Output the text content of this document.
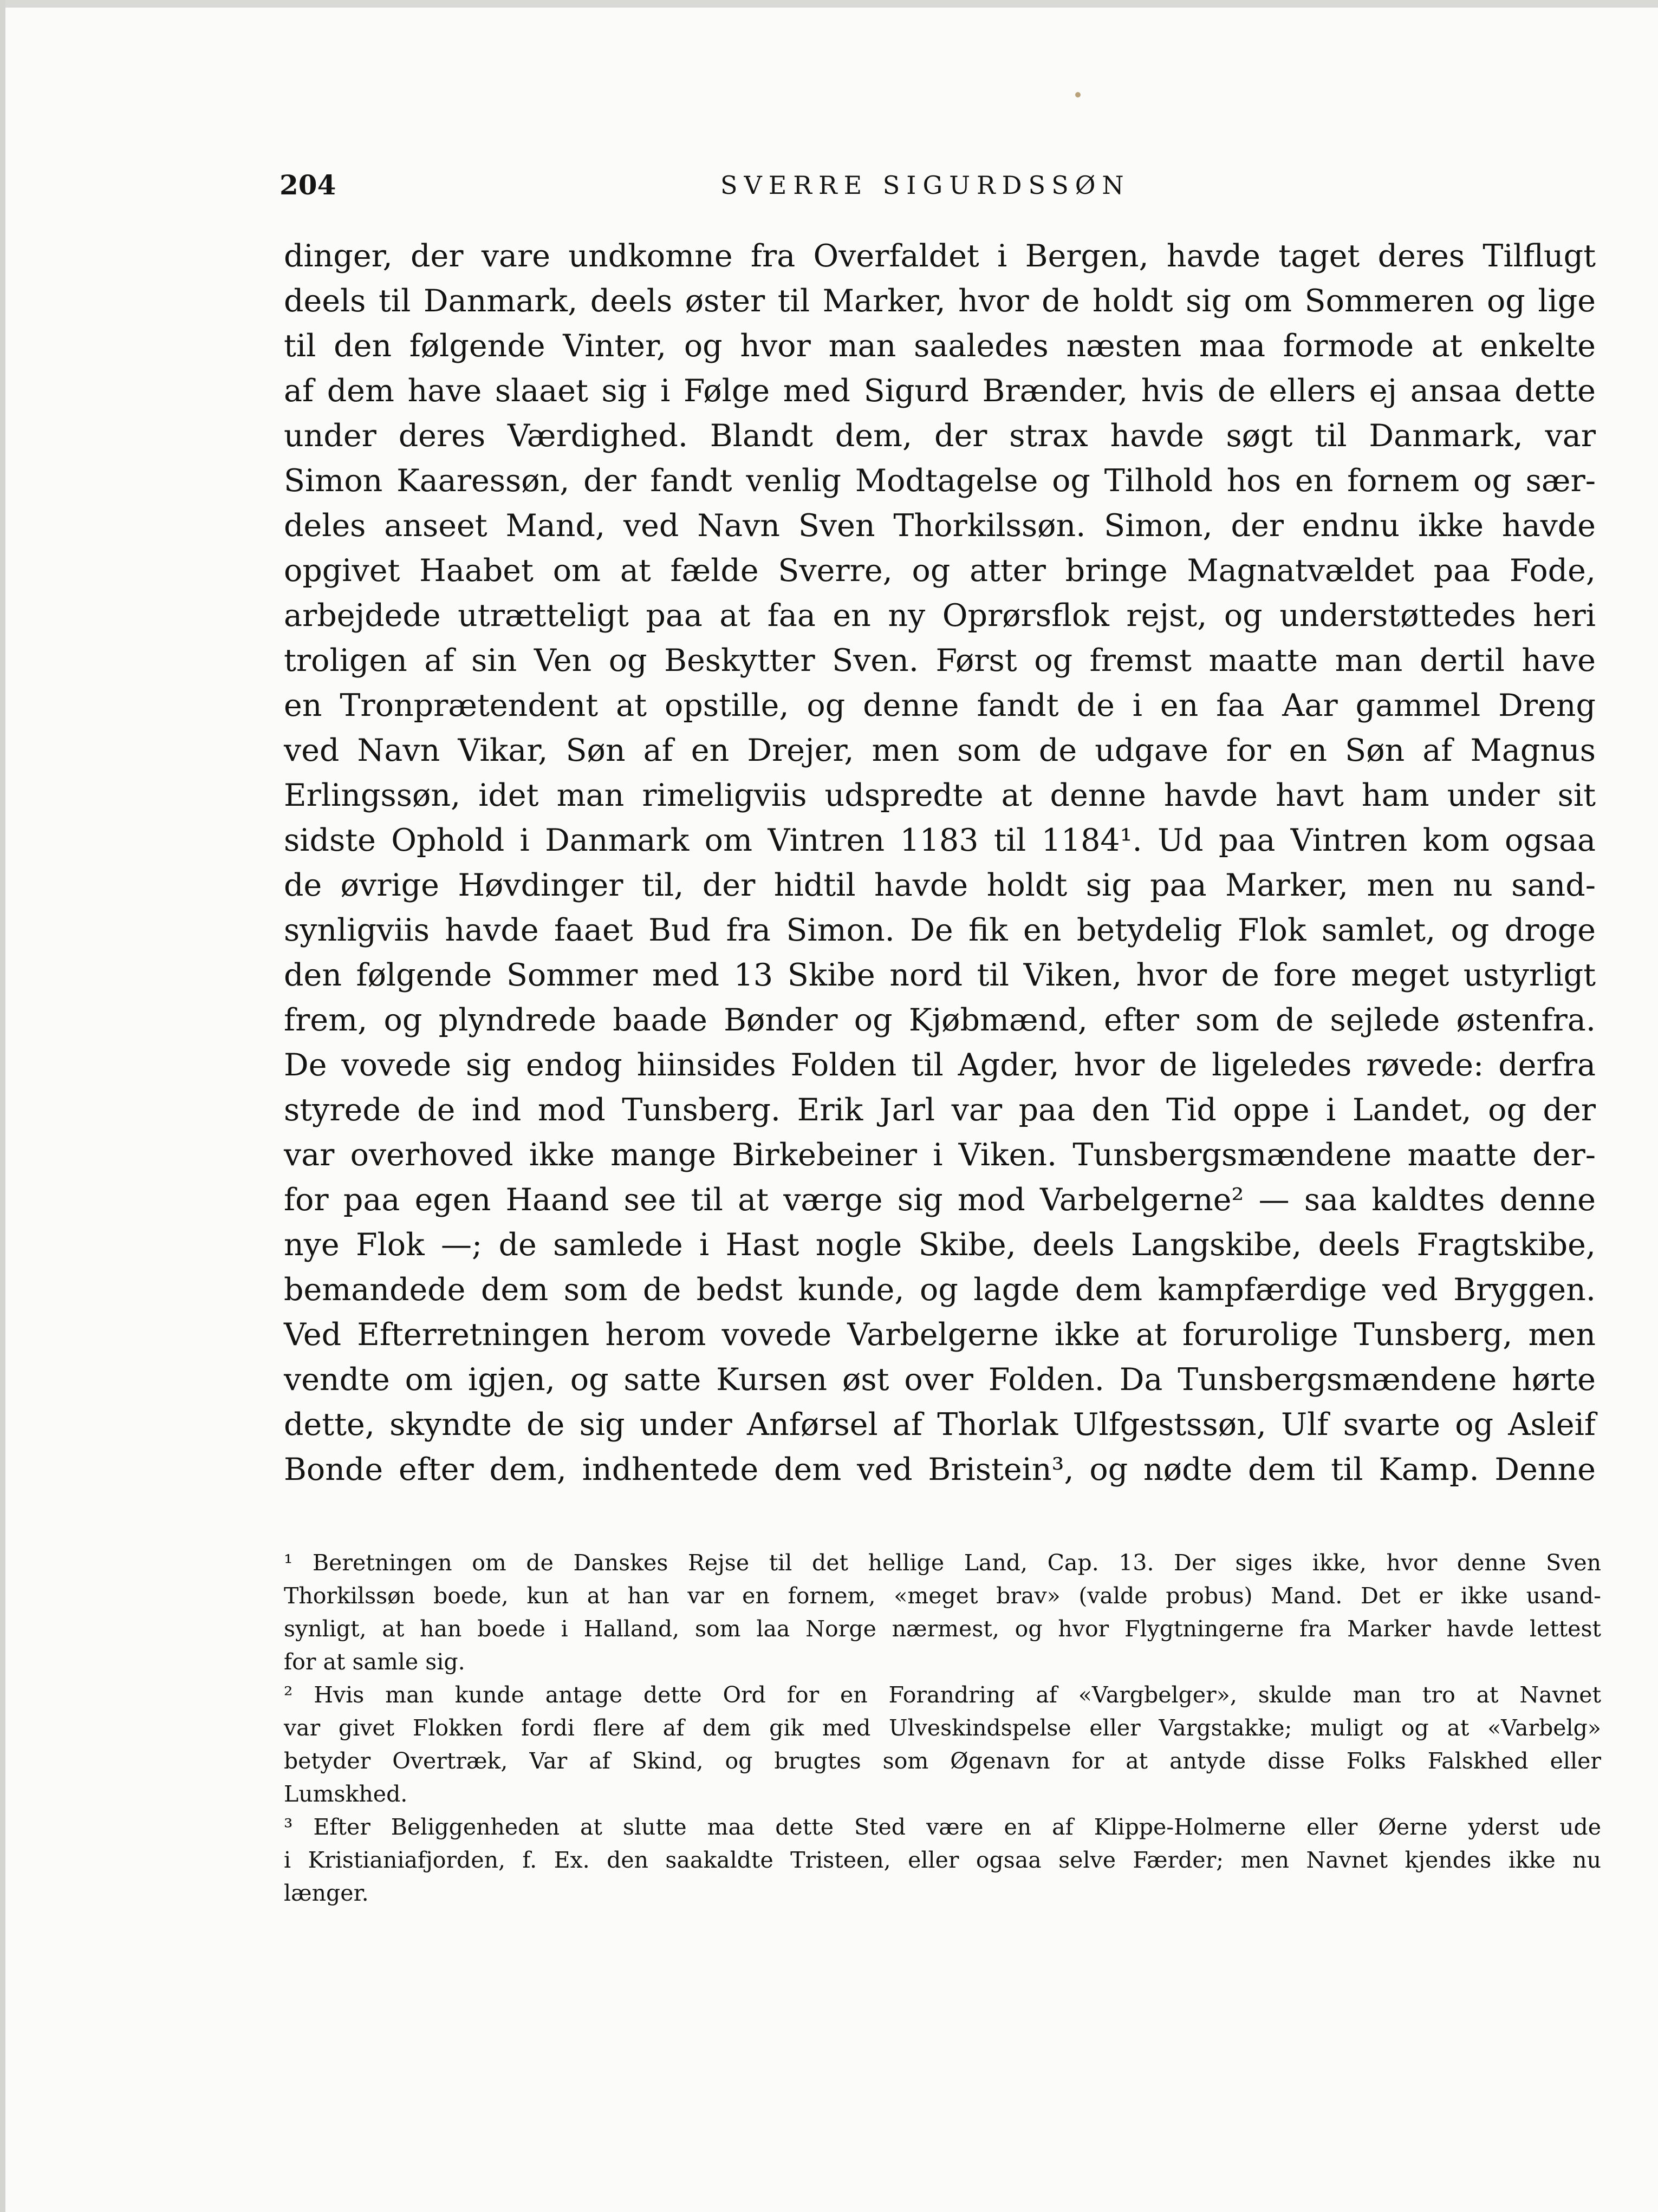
204	SVERRE SIGURDSSØN

dinger, der vare undkomne fra Overfaldet i Bergen, havde taget deres Tilflugt
deels til Danmark, deels øster til Marker, hvor de holdt sig om Sommeren og lige
til den følgende Vinter, og hvor man saaledes næsten maa formode at enkelte
af dem have slaaet sig i Følge med Sigurd Brænder, hvis de ellers ej ansaa dette
under deres Værdighed. Blandt dem, der strax havde søgt til Danmark, var
Simon Kaaressøn, der fandt venlig Modtagelse og Tilhold hos en fornem og sær-
deles anseet Mand, ved Navn Sven Thorkilssøn. Simon, der endnu ikke havde
opgivet Haabet om at fælde Sverre, og atter bringe Magnatvældet paa Fode,
arbejdede utrætteligt paa at faa en ny Oprørsflok rejst, og understøttedes heri
troligen af sin Ven og Beskytter Sven. Først og fremst maatte man dertil have
en Tronprætendent at opstille, og denne fandt de i en faa Aar gammel Dreng
ved Navn Vikar, Søn af en Drejer, men som de udgave for en Søn af Magnus
Erlingssøn, idet man rimeligviis udspredte at denne havde havt ham under sit
sidste Ophold i Danmark om Vintren 1183 til 1184¹. Ud paa Vintren kom ogsaa
de øvrige Høvdinger til, der hidtil havde holdt sig paa Marker, men nu sand-
synligviis havde faaet Bud fra Simon. De fik en betydelig Flok samlet, og droge
den følgende Sommer med 13 Skibe nord til Viken, hvor de fore meget ustyrligt
frem, og plyndrede baade Bønder og Kjøbmænd, efter som de sejlede østenfra.
De vovede sig endog hiinsides Folden til Agder, hvor de ligeledes røvede: derfra
styrede de ind mod Tunsberg. Erik Jarl var paa den Tid oppe i Landet, og der
var overhoved ikke mange Birkebeiner i Viken. Tunsbergsmændene maatte der-
for paa egen Haand see til at værge sig mod Varbelgerne² — saa kaldtes denne
nye Flok —; de samlede i Hast nogle Skibe, deels Langskibe, deels Fragtskibe,
bemandede dem som de bedst kunde, og lagde dem kampfærdige ved Bryggen.
Ved Efterretningen herom vovede Varbelgerne ikke at forurolige Tunsberg, men
vendte om igjen, og satte Kursen øst over Folden. Da Tunsbergsmændene hørte
dette, skyndte de sig under Anførsel af Thorlak Ulfgestssøn, Ulf svarte og Asleif
Bonde efter dem, indhentede dem ved Bristein³, og nødte dem til Kamp. Denne
¹ Beretningen om de Danskes Rejse til det hellige Land, Cap. 13. Der siges ikke, hvor denne Sven
Thorkilssøn boede, kun at han var en fornem, «meget brav» (valde probus) Mand. Det er ikke usand-
synligt, at han boede i Halland, som laa Norge nærmest, og hvor Flygtningerne fra Marker havde lettest
for at samle sig.
² Hvis man kunde antage dette Ord for en Forandring af «Vargbelger», skulde man tro at Navnet
var givet Flokken fordi flere af dem gik med Ulveskindspelse eller Vargstakke; muligt og at «Varbelg»
betyder Overtræk, Var af Skind, og brugtes som Øgenavn for at antyde disse Folks Falskhed eller
Lumskhed.
³ Efter Beliggenheden at slutte maa dette Sted være en af Klippe-Holmerne eller Øerne yderst ude
i Kristianiafjorden, f. Ex. den saakaldte Tristeen, eller ogsaa selve Færder; men Navnet kjendes ikke nu
længer.
